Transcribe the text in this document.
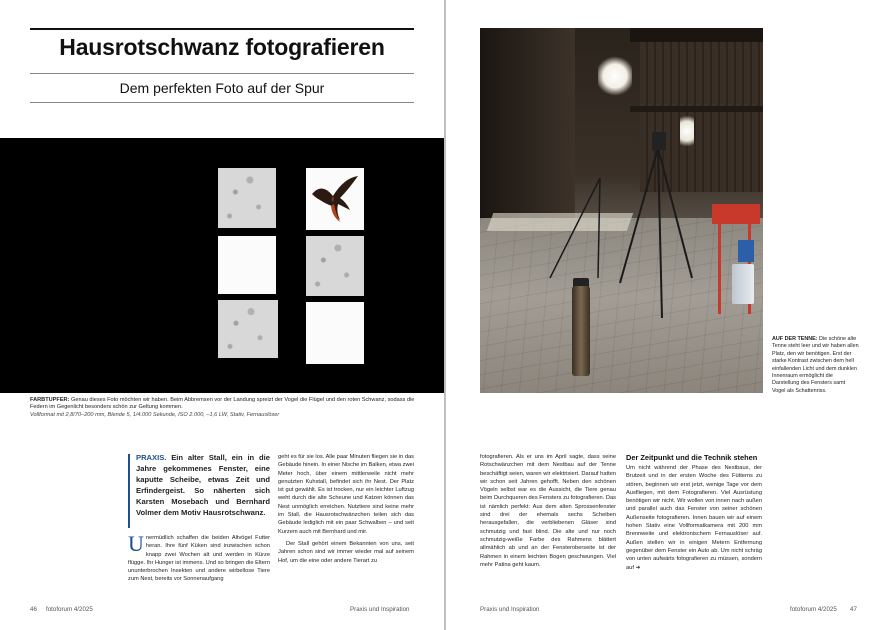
Hausrotschwanz fotografieren
Dem perfekten Foto auf der Spur
FARBTUPFER: Genau dieses Foto möchten wir haben. Beim Abbremsen vor der Landung spreizt der Vogel die Flügel und den roten Schwanz, sodass die Federn im Gegenlicht besonders schön zur Geltung kommen.
Vollformat mit 2,8/70–200 mm, Blende 5, 1/4.000 Sekunde, ISO 2.000, –1,6 LW, Stativ, Fernauslöser
PRAXIS. Ein alter Stall, ein in die Jahre gekommenes Fenster, eine kaputte Scheibe, etwas Zeit und Erfindergeist. So näherten sich Karsten Mosebach und Bernhard Volmer dem Motiv Hausrotschwanz.

Unermüdlich schaffen die beiden Altvögel Futter heran. Ihre fünf Küken sind inzwischen schon knapp zwei Wochen alt und werden in Kürze flügge. Ihr Hunger ist immens. Und so bringen die Eltern ununterbrochen Insekten und andere wirbellose Tiere zum Nest, bereits vor Sonnenaufgang

geht es für sie los. Alle paar Minuten fliegen sie in das Gebäude hinein. In einer Nische im Balken, etwa zwei Meter hoch, über einem mittlerweile nicht mehr genutzten Kuhstall, befindet sich ihr Nest. Der Platz ist gut gewählt. Es ist trocken, nur ein leichter Luftzug weht durch die alte Scheune und Katzen können das Nest unmöglich erreichen. Nutztiere sind keine mehr im Stall, die Hausrotschwänzchen teilen sich das Gebäude lediglich mit ein paar Schwalben – und seit Kurzem auch mit Bernhard und mir.

Der Stall gehört einem Bekannten von uns, seit Jahren schon sind wir immer wieder mal auf seinem Hof, um die eine oder andere Tierart zu

46 fotoforum 4/2025	Praxis und Inspiration
AUF DER TENNE: Die schöne alte Tenne steht leer und wir haben allen Platz, den wir benötigen. Erst der starke Kontrast zwischen dem hell einfallenden Licht und dem dunklen Innenraum ermöglicht die Darstellung des Fensters samt Vogel als Schattenriss.

fotografieren. Als er uns im April sagte, dass seine Rotschwänzchen mit dem Nestbau auf der Tenne beschäftigt seien, waren wir elektrisiert. Darauf hatten wir schon seit Jahren gehofft. Neben den schönen Vögeln selbst war es die Aussicht, die Tiere genau beim Durchqueren des Fensters zu fotografieren. Das ist nämlich perfekt: Aus dem alten Sprossenfenster sind drei der ehemals sechs Scheiben herausgefallen, die verbliebenen Gläser sind schmutzig und fast blind. Die alte und nur noch schmutzig-weiße Farbe des Rahmens blättert allmählich ab und an der Fensteroberseite ist der Rahmen in einem leichten Bogen geschwungen. Viel mehr Patina geht kaum.

Der Zeitpunkt und die Technik stehen

Um nicht während der Phase des Nestbaus, der Brutzeit und in der ersten Woche des Fütterns zu stören, beginnen wir erst jetzt, wenige Tage vor dem Ausfliegen, mit dem Fotografieren. Viel Ausrüstung benötigen wir nicht. Wir wollen von innen nach außen und parallel auch das Fenster von seiner schönen Außenseite fotografieren. Innen bauen wir auf einem hohen Stativ eine Vollformatkamera mit 200 mm Brennweite und elektronischem Fernauslöser auf. Außen stellen wir in einigen Metern Entfernung gegenüber dem Fenster ein Auto ab. Um nicht schräg von unten aufwärts fotografieren zu müssen, sondern auf ➜

Praxis und Inspiration	fotoforum 4/2025 47
